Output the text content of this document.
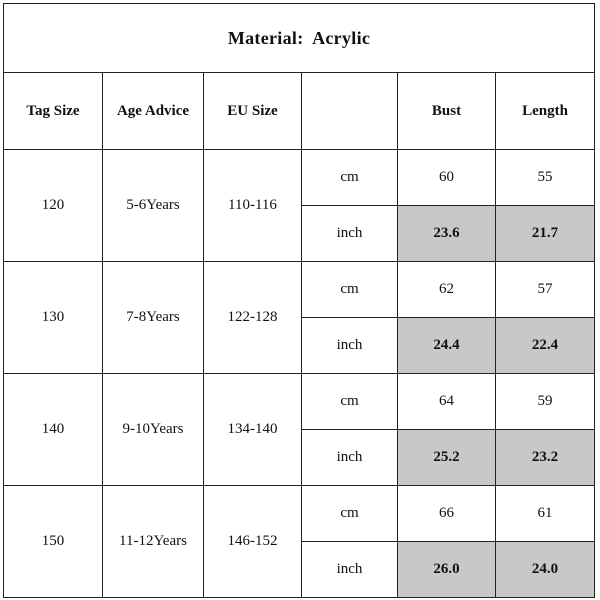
Material:  Acrylic					
Tag Size	Age Advice	EU Size		Bust	Length
120	5-6Years	110-116	cm	60	55
			inch	23.6	21.7
130	7-8Years	122-128	cm	62	57
			inch	24.4	22.4
140	9-10Years	134-140	cm	64	59
			inch	25.2	23.2
150	11-12Years	146-152	cm	66	61
			inch	26.0	24.0
